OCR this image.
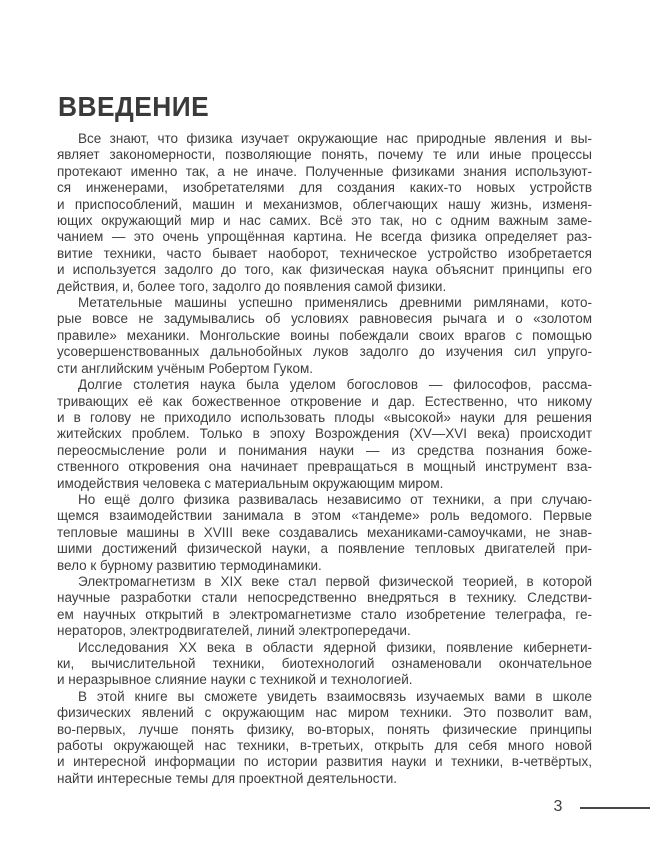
ВВЕДЕНИЕ
Все знают, что физика изучает окружающие нас природные явления и вы-
являет закономерности, позволяющие понять, почему те или иные процессы
протекают именно так, а не иначе. Полученные физиками знания используют-
ся инженерами, изобретателями для создания каких-то новых устройств
и приспособлений, машин и механизмов, облегчающих нашу жизнь, изменя-
ющих окружающий мир и нас самих. Всё это так, но с одним важным заме-
чанием — это очень упрощённая картина. Не всегда физика определяет раз-
витие техники, часто бывает наоборот, техническое устройство изобретается
и используется задолго до того, как физическая наука объяснит принципы его
действия, и, более того, задолго до появления самой физики.
Метательные машины успешно применялись древними римлянами, кото-
рые вовсе не задумывались об условиях равновесия рычага и о «золотом
правиле» механики. Монгольские воины побеждали своих врагов с помощью
усовершенствованных дальнобойных луков задолго до изучения сил упруго-
сти английским учёным Робертом Гуком.
Долгие столетия наука была уделом богословов — философов, рассма-
тривающих её как божественное откровение и дар. Естественно, что никому
и в голову не приходило использовать плоды «высокой» науки для решения
житейских проблем. Только в эпоху Возрождения (XV—XVI века) происходит
переосмысление роли и понимания науки — из средства познания боже-
ственного откровения она начинает превращаться в мощный инструмент вза-
имодействия человека с материальным окружающим миром.
Но ещё долго физика развивалась независимо от техники, а при случаю-
щемся взаимодействии занимала в этом «тандеме» роль ведомого. Первые
тепловые машины в XVIII веке создавались механиками-самоучками, не знав-
шими достижений физической науки, а появление тепловых двигателей при-
вело к бурному развитию термодинамики.
Электромагнетизм в XIX веке стал первой физической теорией, в которой
научные разработки стали непосредственно внедряться в технику. Следстви-
ем научных открытий в электромагнетизме стало изобретение телеграфа, ге-
нераторов, электродвигателей, линий электропередачи.
Исследования XX века в области ядерной физики, появление кибернети-
ки, вычислительной техники, биотехнологий ознаменовали окончательное
и неразрывное слияние науки с техникой и технологией.
В этой книге вы сможете увидеть взаимосвязь изучаемых вами в школе
физических явлений с окружающим нас миром техники. Это позволит вам,
во-первых, лучше понять физику, во-вторых, понять физические принципы
работы окружающей нас техники, в-третьих, открыть для себя много новой
и интересной информации по истории развития науки и техники, в-четвёртых,
найти интересные темы для проектной деятельности.
3
